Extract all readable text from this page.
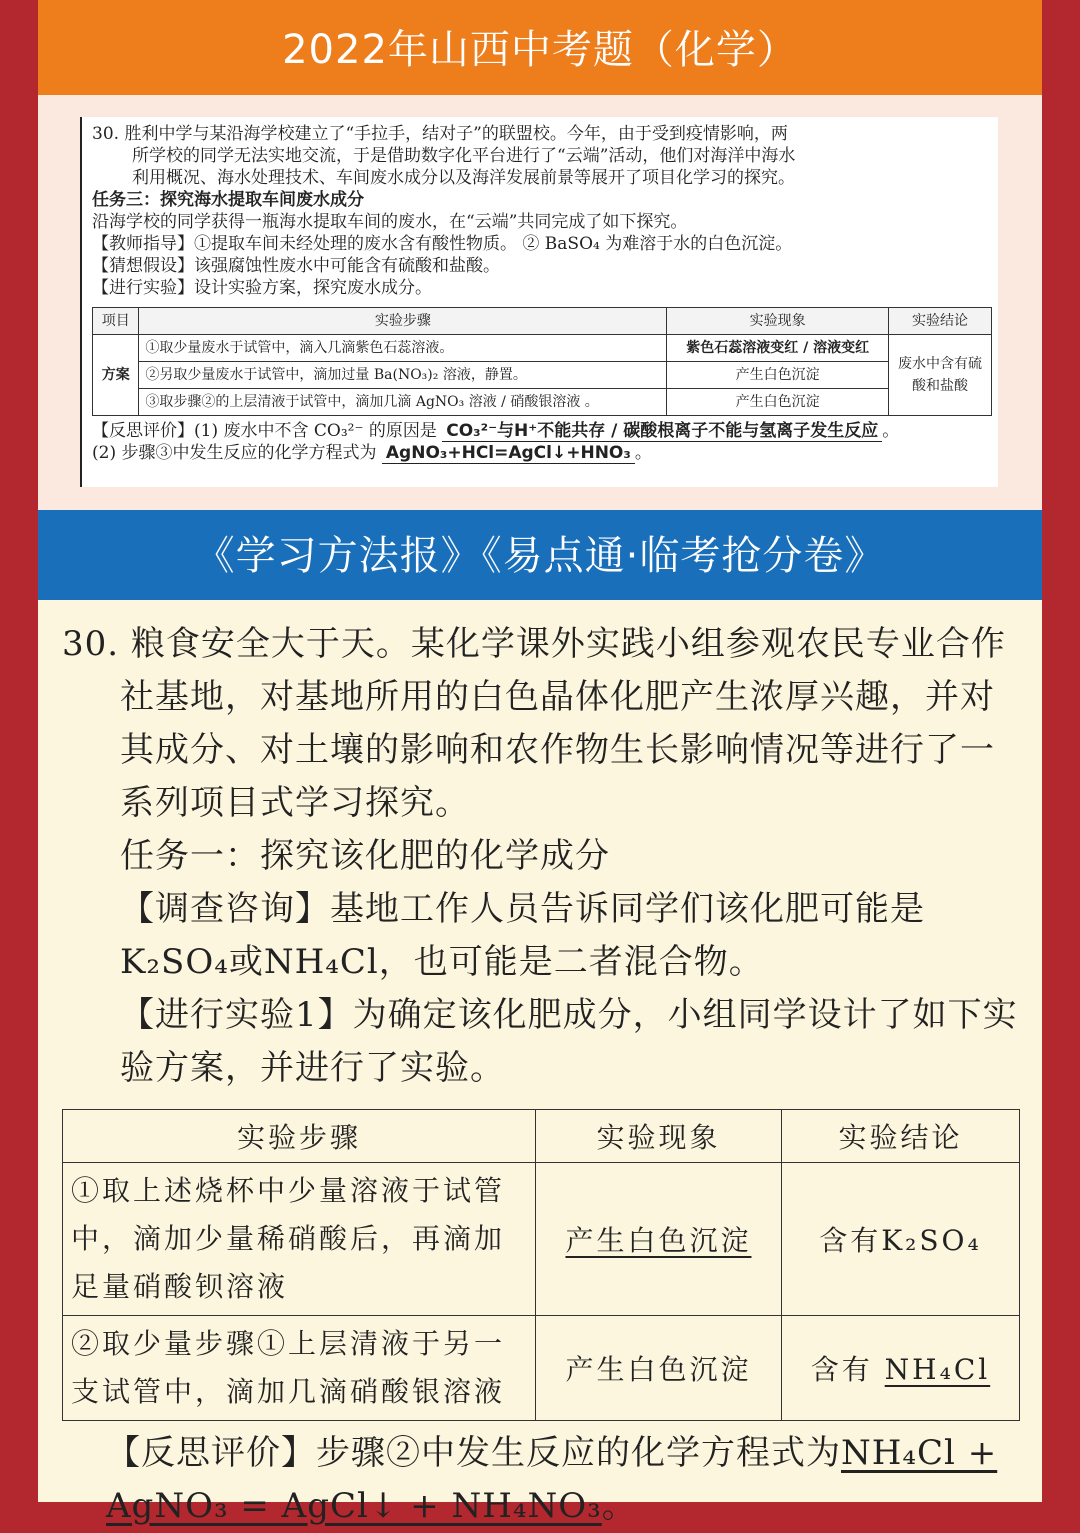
2022年山西中考题（化学）

30. 胜利中学与某沿海学校建立了“手拉手，结对子”的联盟校。今年，由于受到疫情影响，两

所学校的同学无法实地交流，于是借助数字化平台进行了“云端”活动，他们对海洋中海水

利用概况、海水处理技术、车间废水成分以及海洋发展前景等展开了项目化学习的探究。

任务三：探究海水提取车间废水成分

沿海学校的同学获得一瓶海水提取车间的废水，在“云端”共同完成了如下探究。

【教师指导】①提取车间未经处理的废水含有酸性物质。 ② BaSO₄ 为难溶于水的白色沉淀。

【猜想假设】该强腐蚀性废水中可能含有硫酸和盐酸。

【进行实验】设计实验方案，探究废水成分。

项目	实验步骤	实验现象	实验结论
方案	①取少量废水于试管中，滴入几滴紫色石蕊溶液。	紫色石蕊溶液变红 / 溶液变红	废水中含有硫酸和盐酸
	②另取少量废水于试管中，滴加过量 Ba(NO₃)₂ 溶液，静置。	产生白色沉淀	
	③取步骤②的上层清液于试管中，滴加几滴 AgNO₃ 溶液 / 硝酸银溶液 。	产生白色沉淀	

【反思评价】(1) 废水中不含 CO₃²⁻ 的原因是 CO₃²⁻与H⁺不能共存 / 碳酸根离子不能与氢离子发生反应 。

(2) 步骤③中发生反应的化学方程式为 AgNO₃+HCl=AgCl↓+HNO₃ 。

《学习方法报》《易点通·临考抢分卷》

30. 粮食安全大于天。某化学课外实践小组参观农民专业合作社基地，对基地所用的白色晶体化肥产生浓厚兴趣，并对其成分、对土壤的影响和农作物生长影响情况等进行了一系列项目式学习探究。

任务一：探究该化肥的化学成分

【调查咨询】基地工作人员告诉同学们该化肥可能是K₂SO₄或NH₄Cl，也可能是二者混合物。

【进行实验1】为确定该化肥成分，小组同学设计了如下实验方案，并进行了实验。

实验步骤	实验现象	实验结论
①取上述烧杯中少量溶液于试管中，滴加少量稀硝酸后，再滴加足量硝酸钡溶液	产生白色沉淀	含有K₂SO₄
②取少量步骤①上层清液于另一支试管中，滴加几滴硝酸银溶液	产生白色沉淀	含有 NH₄Cl

【反思评价】步骤②中发生反应的化学方程式为NH₄Cl + AgNO₃ = AgCl↓ + NH₄NO₃。
